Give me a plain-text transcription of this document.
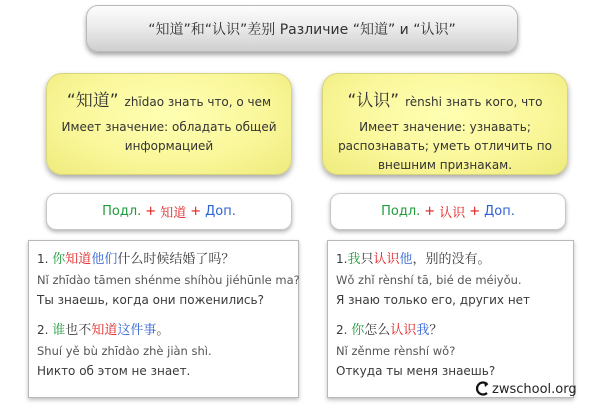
“知道”和“认识”差别 Различие “知道” и “认识”
“知道” zhīdao знать что, о чем
Имеет значение: обладать общей информацией
“认识” rènshi знать кого, что
Имеет значение: узнавать; распознавать; уметь отличить по внешним признакам.
Подл. + 知道 + Доп.	Подл. + 认识 + Доп.
1. 你知道他们什么时候结婚了吗？
Nǐ zhīdào tāmen shénme shíhòu jiéhūnle ma?
Ты знаешь, когда они поженились?
2. 谁也不知道这件事。
Shuí yě bù zhīdào zhè jiàn shì.
Никто об этом не знает.
1.我只认识他，别的没有。
Wǒ zhǐ rènshí tā, bié de méiyǒu.
Я знаю только его, других нет
2. 你怎么认识我？
Nǐ zěnme rènshí wǒ?
Откуда ты меня знаешь?
zwschool.org
